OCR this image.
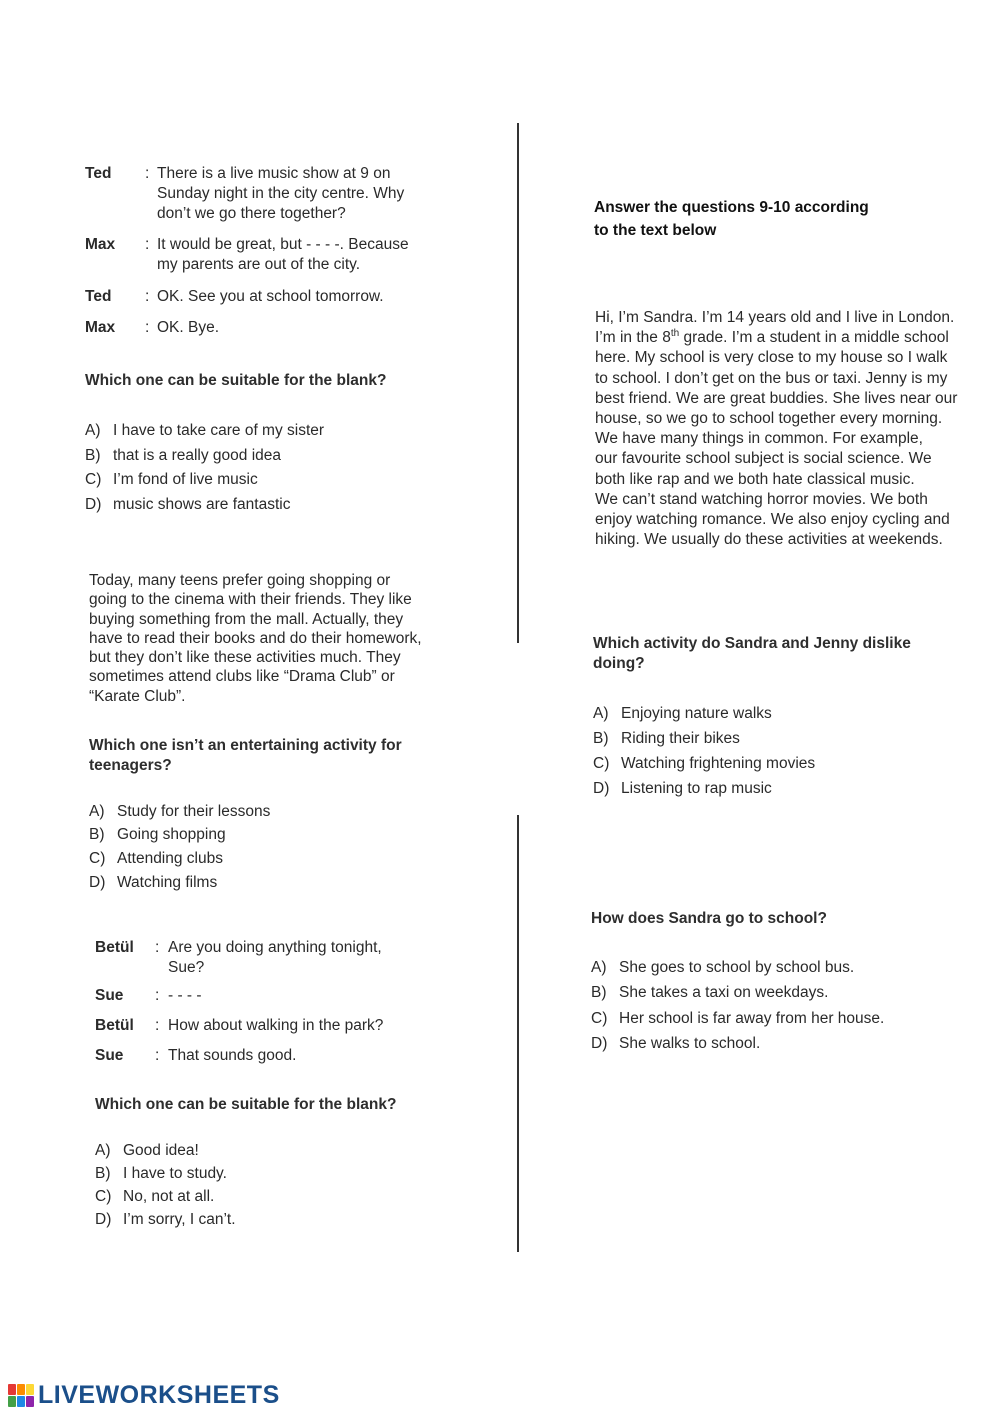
Ted	: There is a live music show at 9 on
Sunday night in the city centre. Why
don’t we go there together?
Max	: It would be great, but - - - -. Because
my parents are out of the city.
Ted	: OK. See you at school tomorrow.
Max	: OK. Bye.
Which one can be suitable for the blank?
A) I have to take care of my sister
B) that is a really good idea
C) I’m fond of live music
D) music shows are fantastic
Today, many teens prefer going shopping or
going to the cinema with their friends. They like
buying something from the mall. Actually, they
have to read their books and do their homework,
but they don’t like these activities much. They
sometimes attend clubs like “Drama Club” or
“Karate Club”.
Which one isn’t an entertaining activity for
teenagers?
A) Study for their lessons
B) Going shopping
C) Attending clubs
D) Watching films
Betül	: Are you doing anything tonight,
Sue?
Sue	: - - - -
Betül	: How about walking in the park?
Sue	: That sounds good.
Which one can be suitable for the blank?
A) Good idea!
B) I have to study.
C) No, not at all.
D) I’m sorry, I can’t.
Answer the questions 9-10 according
to the text below
Hi, I’m Sandra. I’m 14 years old and I live in London.
I’m in the 8th grade. I’m a student in a middle school
here. My school is very close to my house so I walk
to school. I don’t get on the bus or taxi. Jenny is my
best friend. We are great buddies. She lives near our
house, so we go to school together every morning.
We have many things in common. For example,
our favourite school subject is social science. We
both like rap and we both hate classical music.
We can’t stand watching horror movies. We both
enjoy watching romance. We also enjoy cycling and
hiking. We usually do these activities at weekends.
Which activity do Sandra and Jenny dislike
doing?
A) Enjoying nature walks
B) Riding their bikes
C) Watching frightening movies
D) Listening to rap music
How does Sandra go to school?
A) She goes to school by school bus.
B) She takes a taxi on weekdays.
C) Her school is far away from her house.
D) She walks to school.
LIVEWORKSHEETS
